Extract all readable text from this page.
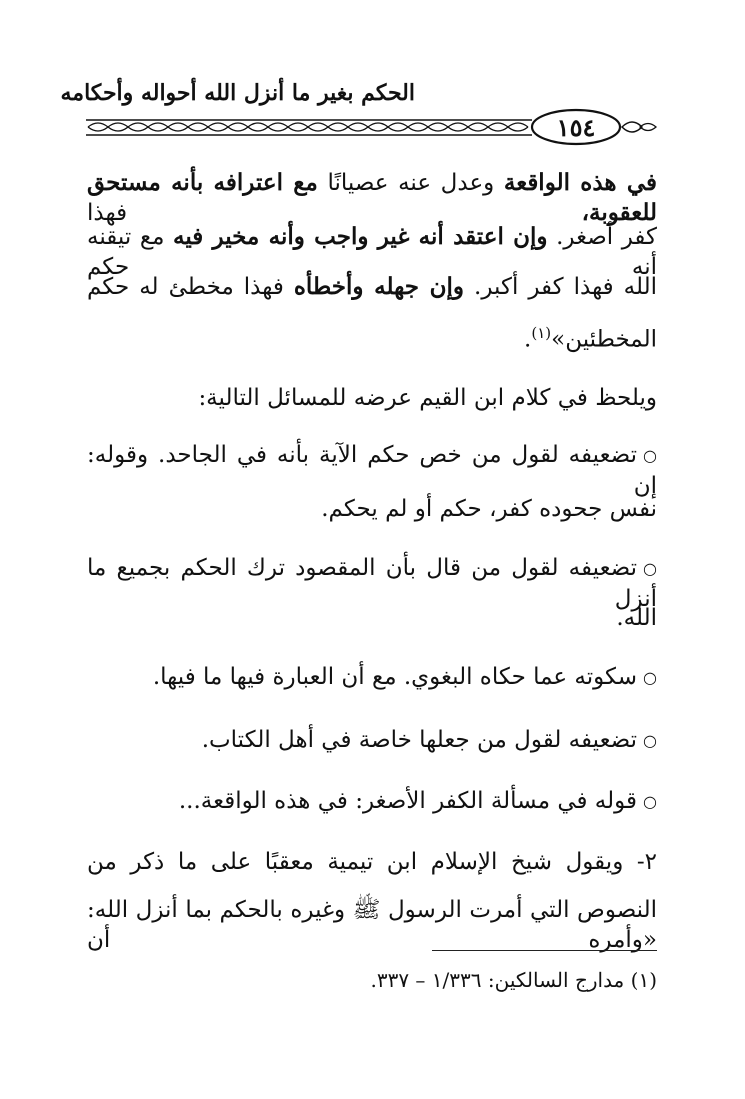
الحكم بغير ما أنزل الله أحواله وأحكامه
١٥٤
في هذه الواقعة وعدل عنه عصيانًا مع اعترافه بأنه مستحق للعقوبة، فهذا
كفر أصغر. وإن اعتقد أنه غير واجب وأنه مخير فيه مع تيقنه أنه حكم
الله فهذا كفر أكبر. وإن جهله وأخطأه فهذا مخطئ له حكم
المخطئين»$^{(١)}$.
ويلحظ في كلام ابن القيم عرضه للمسائل التالية:
○تضعيفه لقول من خص حكم الآية بأنه في الجاحد. وقوله: إن
نفس جحوده كفر، حكم أو لم يحكم.
○تضعيفه لقول من قال بأن المقصود ترك الحكم بجميع ما أنزل
الله.
○سكوته عما حكاه البغوي. مع أن العبارة فيها ما فيها.
○تضعيفه لقول من جعلها خاصة في أهل الكتاب.
○قوله في مسألة الكفر الأصغر: في هذه الواقعة...
٢- ويقول شيخ الإسلام ابن تيمية معقبًا على ما ذكر من
النصوص التي أمرت الرسول ﷺ وغيره بالحكم بما أنزل الله: «وأمره أن
(١) مدارج السالكين: ١/٣٣٦ – ٣٣٧.
